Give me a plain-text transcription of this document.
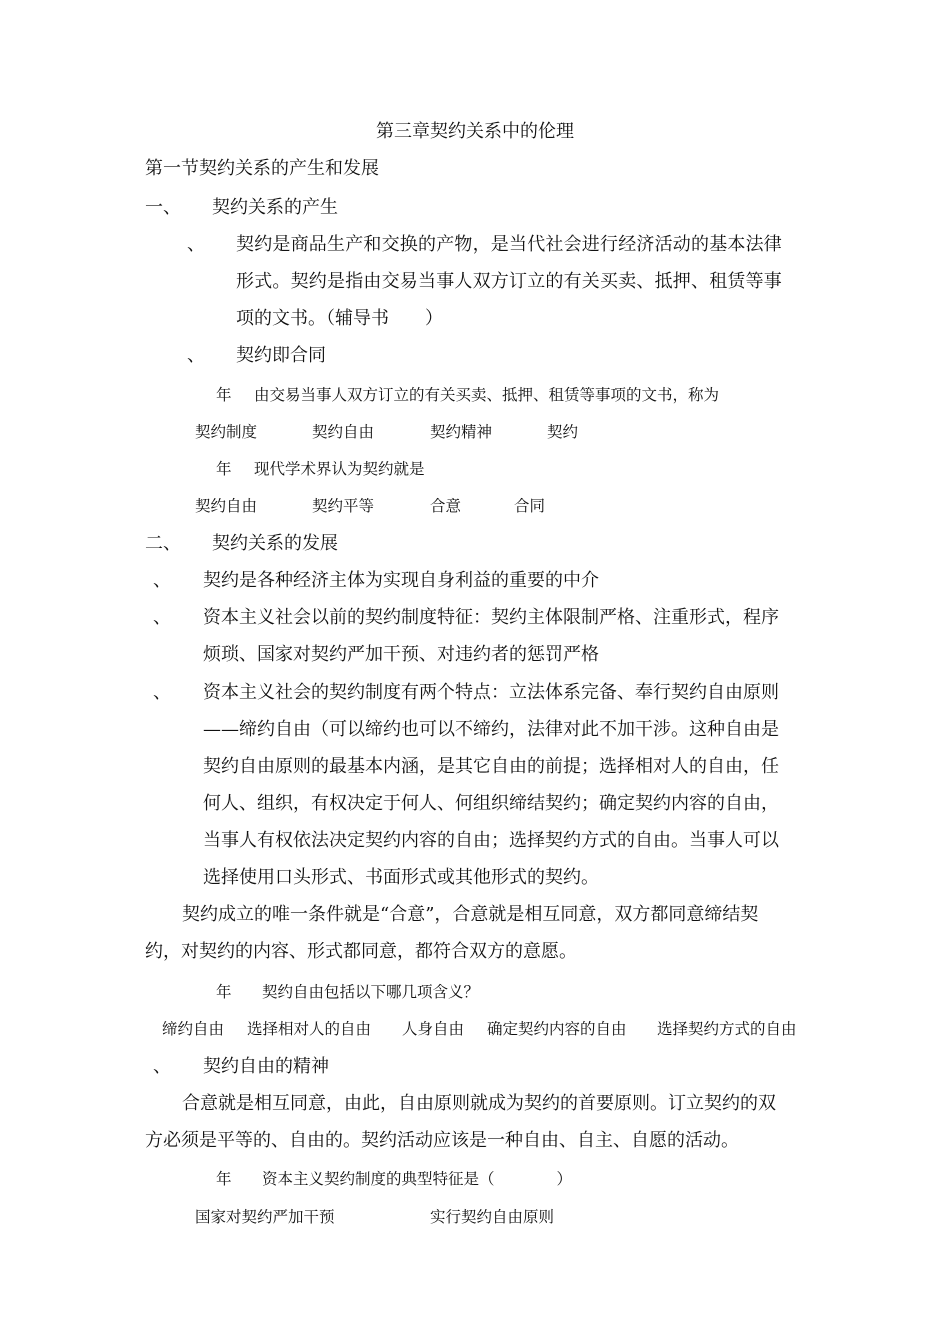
第三章契约关系中的伦理
第一节契约关系的产生和发展
一、 契约关系的产生
、 契约是商品生产和交换的产物，是当代社会进行经济活动的基本法律
形式。契约是指由交易当事人双方订立的有关买卖、抵押、租赁等事
项的文书。（辅导书　　）
、 契约即合同
年 由交易当事人双方订立的有关买卖、抵押、租赁等事项的文书，称为
契约制度	契约自由	契约精神	契约
年 现代学术界认为契约就是
契约自由	契约平等	合意	合同
二、 契约关系的发展
、 契约是各种经济主体为实现自身利益的重要的中介
、 资本主义社会以前的契约制度特征：契约主体限制严格、注重形式，程序
烦琐、国家对契约严加干预、对违约者的惩罚严格
、 资本主义社会的契约制度有两个特点：立法体系完备、奉行契约自由原则
——缔约自由（可以缔约也可以不缔约，法律对此不加干涉。这种自由是
契约自由原则的最基本内涵，是其它自由的前提；选择相对人的自由，任
何人、组织，有权决定于何人、何组织缔结契约；确定契约内容的自由，
当事人有权依法决定契约内容的自由；选择契约方式的自由。当事人可以
选择使用口头形式、书面形式或其他形式的契约。
契约成立的唯一条件就是“合意”，合意就是相互同意，双方都同意缔结契
约，对契约的内容、形式都同意，都符合双方的意愿。
年 契约自由包括以下哪几项含义？
缔约自由 选择相对人的自由 人身自由 确定契约内容的自由 选择契约方式的自由
、 契约自由的精神
合意就是相互同意，由此，自由原则就成为契约的首要原则。订立契约的双
方必须是平等的、自由的。契约活动应该是一种自由、自主、自愿的活动。
年 资本主义契约制度的典型特征是（　　　　）
国家对契约严加干预	实行契约自由原则
